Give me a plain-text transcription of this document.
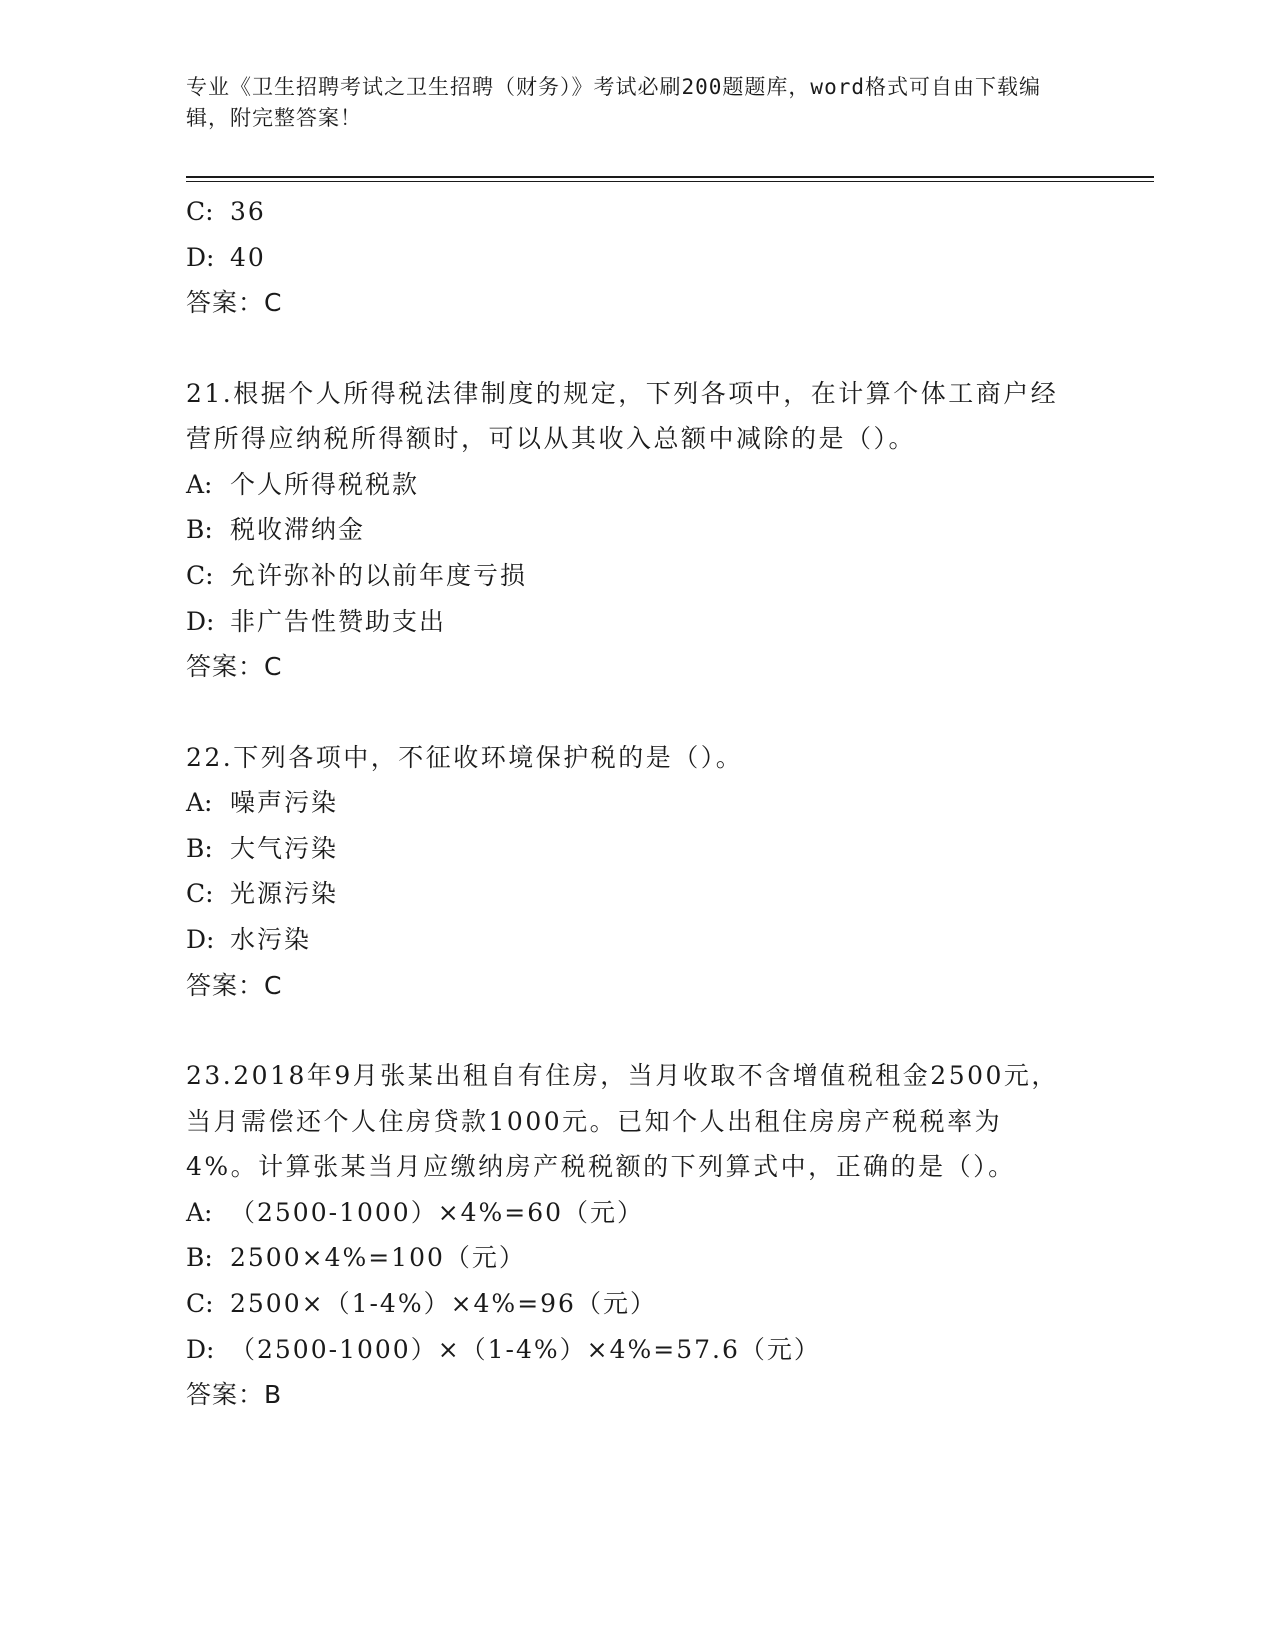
专业《卫生招聘考试之卫生招聘（财务）》考试必刷200题题库，word格式可自由下载编辑，附完整答案！
C: 36
D: 40
答案：C
21.根据个人所得税法律制度的规定，下列各项中，在计算个体工商户经营所得应纳税所得额时，可以从其收入总额中减除的是（）。
A: 个人所得税税款
B: 税收滞纳金
C: 允许弥补的以前年度亏损
D: 非广告性赞助支出
答案：C
22.下列各项中，不征收环境保护税的是（）。
A: 噪声污染
B: 大气污染
C: 光源污染
D: 水污染
答案：C
23.2018年9月张某出租自有住房，当月收取不含增值税租金2500元，当月需偿还个人住房贷款1000元。已知个人出租住房房产税税率为4%。计算张某当月应缴纳房产税税额的下列算式中，正确的是（）。
A: （2500-1000）×4%=60（元）
B: 2500×4%=100（元）
C: 2500×（1-4%）×4%=96（元）
D: （2500-1000）×（1-4%）×4%=57.6（元）
答案：B
